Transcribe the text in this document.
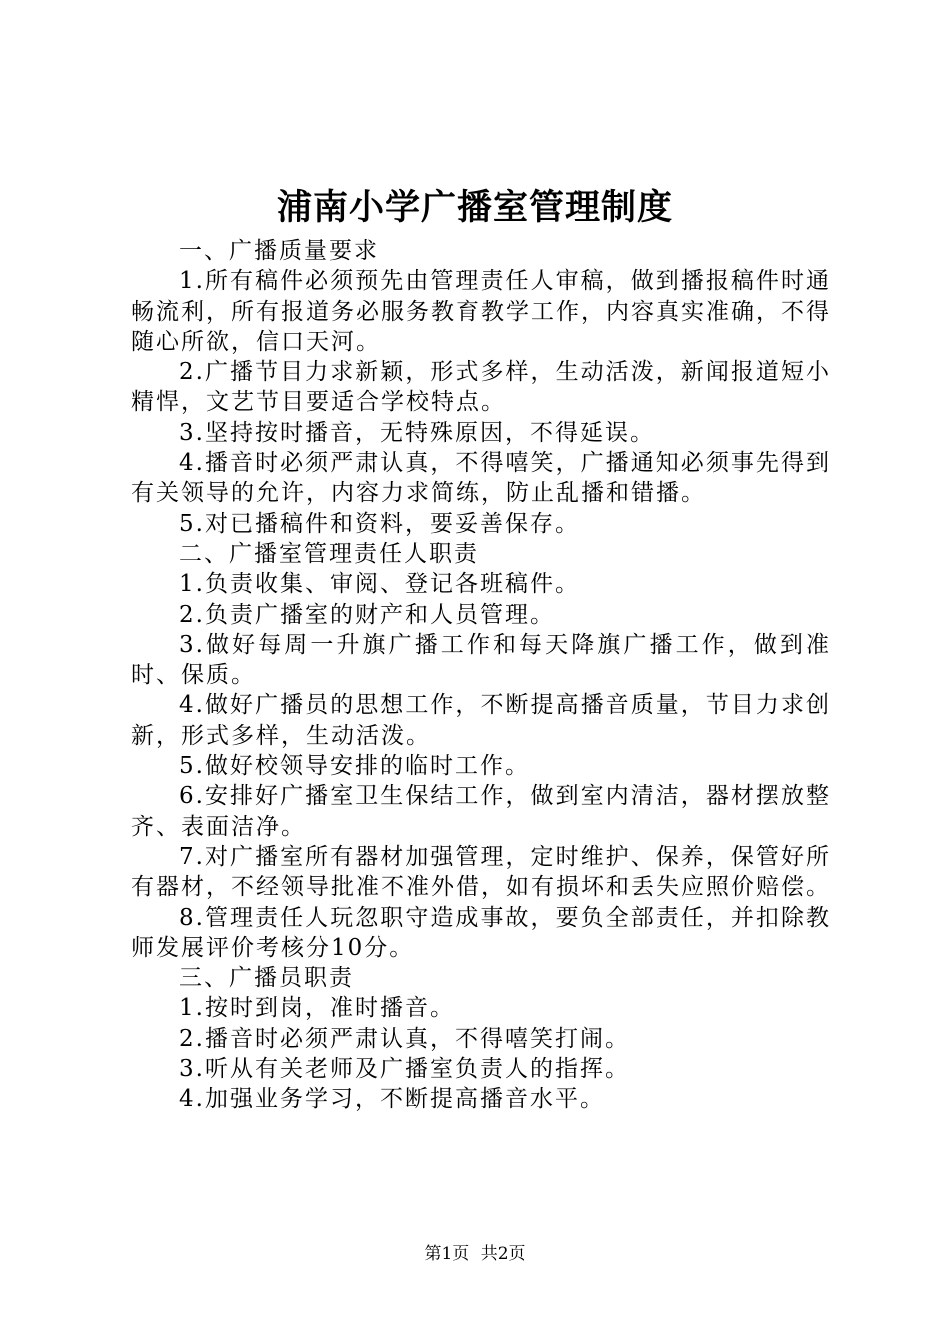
浦南小学广播室管理制度

一、广播质量要求

1.所有稿件必须预先由管理责任人审稿，做到播报稿件时通畅流利，所有报道务必服务教育教学工作，内容真实准确，不得随心所欲，信口天河。

2.广播节目力求新颖，形式多样，生动活泼，新闻报道短小精悍，文艺节目要适合学校特点。

3.坚持按时播音，无特殊原因，不得延误。

4.播音时必须严肃认真，不得嘻笑，广播通知必须事先得到有关领导的允许，内容力求简练，防止乱播和错播。

5.对已播稿件和资料，要妥善保存。

二、广播室管理责任人职责

1.负责收集、审阅、登记各班稿件。

2.负责广播室的财产和人员管理。

3.做好每周一升旗广播工作和每天降旗广播工作，做到准时、保质。

4.做好广播员的思想工作，不断提高播音质量，节目力求创新，形式多样，生动活泼。

5.做好校领导安排的临时工作。

6.安排好广播室卫生保结工作，做到室内清洁，器材摆放整齐、表面洁净。

7.对广播室所有器材加强管理，定时维护、保养，保管好所有器材，不经领导批准不准外借，如有损坏和丢失应照价赔偿。

8.管理责任人玩忽职守造成事故，要负全部责任，并扣除教师发展评价考核分10分。

三、广播员职责

1.按时到岗，准时播音。

2.播音时必须严肃认真，不得嘻笑打闹。

3.听从有关老师及广播室负责人的指挥。

4.加强业务学习，不断提高播音水平。

第1页 共2页
